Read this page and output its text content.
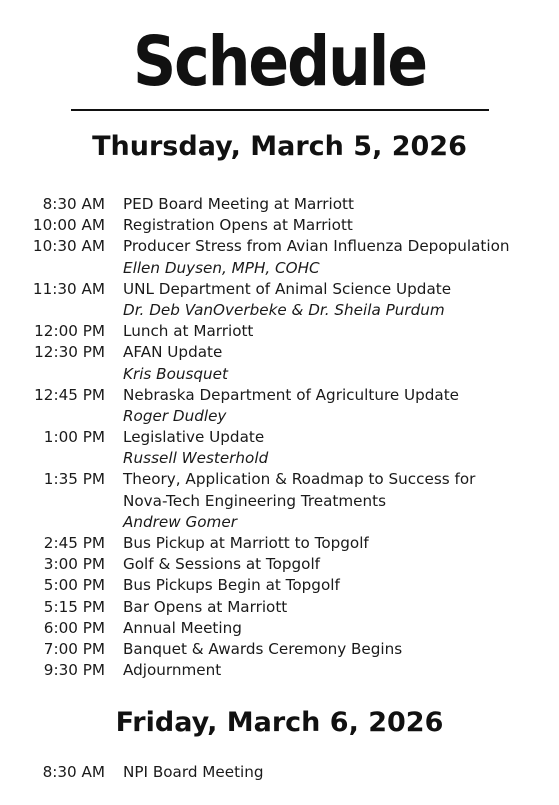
Schedule
Thursday, March 5, 2026
8:30 AM PED Board Meeting at Marriott
10:00 AM Registration Opens at Marriott
10:30 AM Producer Stress from Avian Influenza Depopulation
Ellen Duysen, MPH, COHC
11:30 AM UNL Department of Animal Science Update
Dr. Deb VanOverbeke & Dr. Sheila Purdum
12:00 PM Lunch at Marriott
12:30 PM AFAN Update
Kris Bousquet
12:45 PM Nebraska Department of Agriculture Update
Roger Dudley
1:00 PM Legislative Update
Russell Westerhold
1:35 PM Theory, Application & Roadmap to Success for
Nova-Tech Engineering Treatments
Andrew Gomer
2:45 PM Bus Pickup at Marriott to Topgolf
3:00 PM Golf & Sessions at Topgolf
5:00 PM Bus Pickups Begin at Topgolf
5:15 PM Bar Opens at Marriott
6:00 PM Annual Meeting
7:00 PM Banquet & Awards Ceremony Begins
9:30 PM Adjournment
Friday, March 6, 2026
8:30 AM NPI Board Meeting
